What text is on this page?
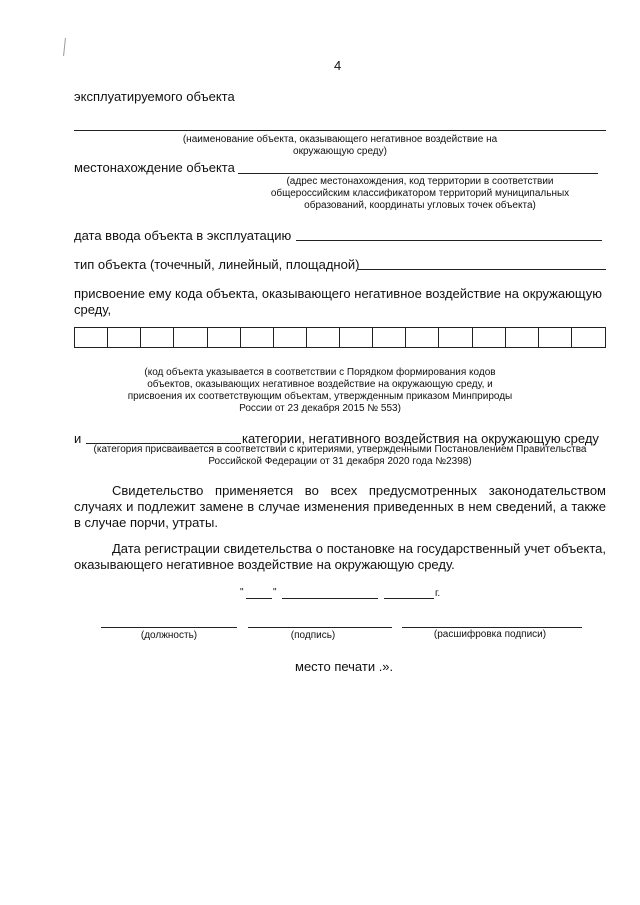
4
эксплуатируемого объекта
(наименование объекта, оказывающего негативное воздействие на
окружающую среду)
местонахождение объекта
(адрес местонахождения, код территории в соответствии
общероссийским классификатором территорий муниципальных
образований, координаты угловых точек объекта)
дата ввода объекта в эксплуатацию
тип объекта (точечный, линейный, площадной)
присвоение ему кода объекта, оказывающего негативное воздействие на окружающую
среду,
(код объекта указывается в соответствии с Порядком формирования кодов
объектов, оказывающих негативное воздействие на окружающую среду, и
присвоения их соответствующим объектам, утвержденным приказом Минприроды
России от 23 декабря 2015 № 553)
и	категории, негативного воздействия на окружающую среду
(категория присваивается в соответствии с критериями, утвержденными Постановлением Правительства
Российской Федерации от 31 декабря 2020 года №2398)
Свидетельство применяется во всех предусмотренных законодательством случаях и подлежит замене в случае изменения приведенных в нем сведений, а также в случае порчи, утраты.
Дата регистрации свидетельства о постановке на государственный учет объекта, оказывающего негативное воздействие на окружающую среду.
"	"	г.
(должность)	(подпись)	(расшифровка подписи)
место печати .».
